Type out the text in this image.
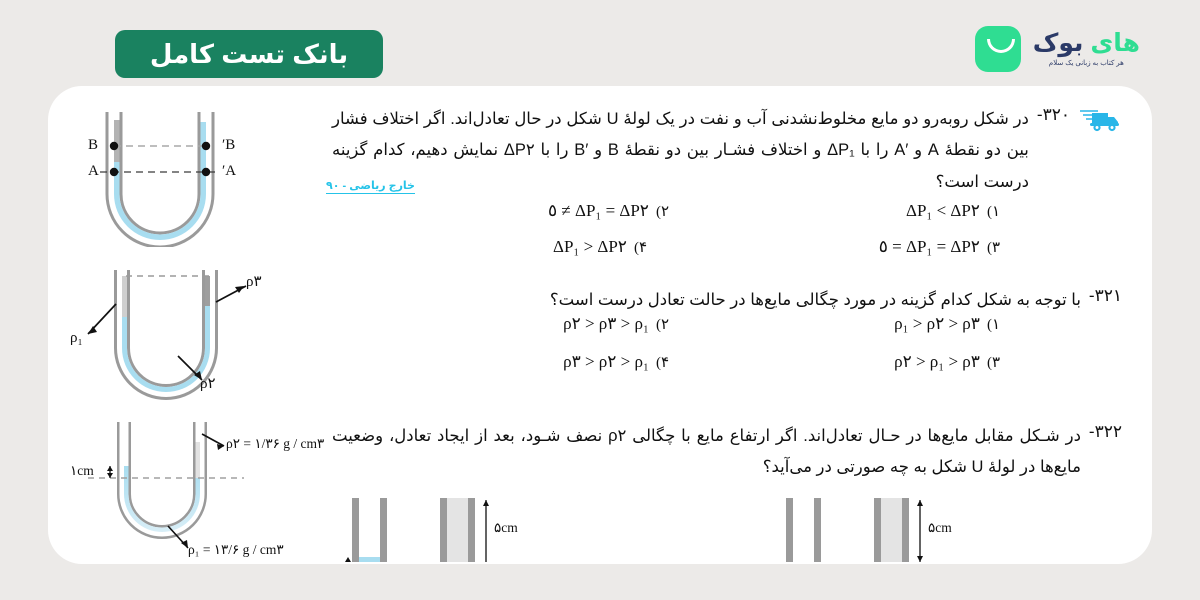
بانک تست کامل	های بوک
هر کتاب به زبانی یک سلام
B	B′
A	A′
۳۲۰-
در شکل روبه‌رو دو مایع مخلوط‌نشدنی آب و نفت در یک لولهٔ U شکل در حال تعادل‌اند. اگر اختلاف فشار بین دو نقطهٔ A و ′A را با ΔP₁ و اختلاف فشـار بین دو نقطهٔ B و ′B را با ΔP۲ نمایش دهیم، کدام گزینه درست است؟
خارج ریاضی - ۹۰
۱)
ΔP₁ < ΔP۲
۲)
ΔP₁ = ΔP۲ ≠ ٥
۳)
ΔP₁ = ΔP۲ = ٥
۴)
ΔP₁ > ΔP۲
ρ₁
ρ۳
ρ۲
۳۲۱-
با توجه به شکل کدام گزینه در مورد چگالی مایع‌ها در حالت تعادل درست است؟
۱)
ρ₁ > ρ۲ > ρ۳
۲)
ρ۲ > ρ۳ > ρ₁
۳)
ρ۲ > ρ₁ > ρ۳
۴)
ρ۳ > ρ۲ > ρ₁
۱cm
ρ۲ = ۱/۳۶ g / cm۳
ρ₁ = ۱۳/۶ g / cm۳
۳۲۲-
در شـکل مقابل مایع‌ها در حـال تعادل‌اند. اگر ارتفاع مایع با چگالی ρ۲ نصف شـود، بعد از ایجاد تعادل، وضعیت مایع‌ها در لولهٔ U شکل به چه صورتی در می‌آید؟
۵cm	۵cm
